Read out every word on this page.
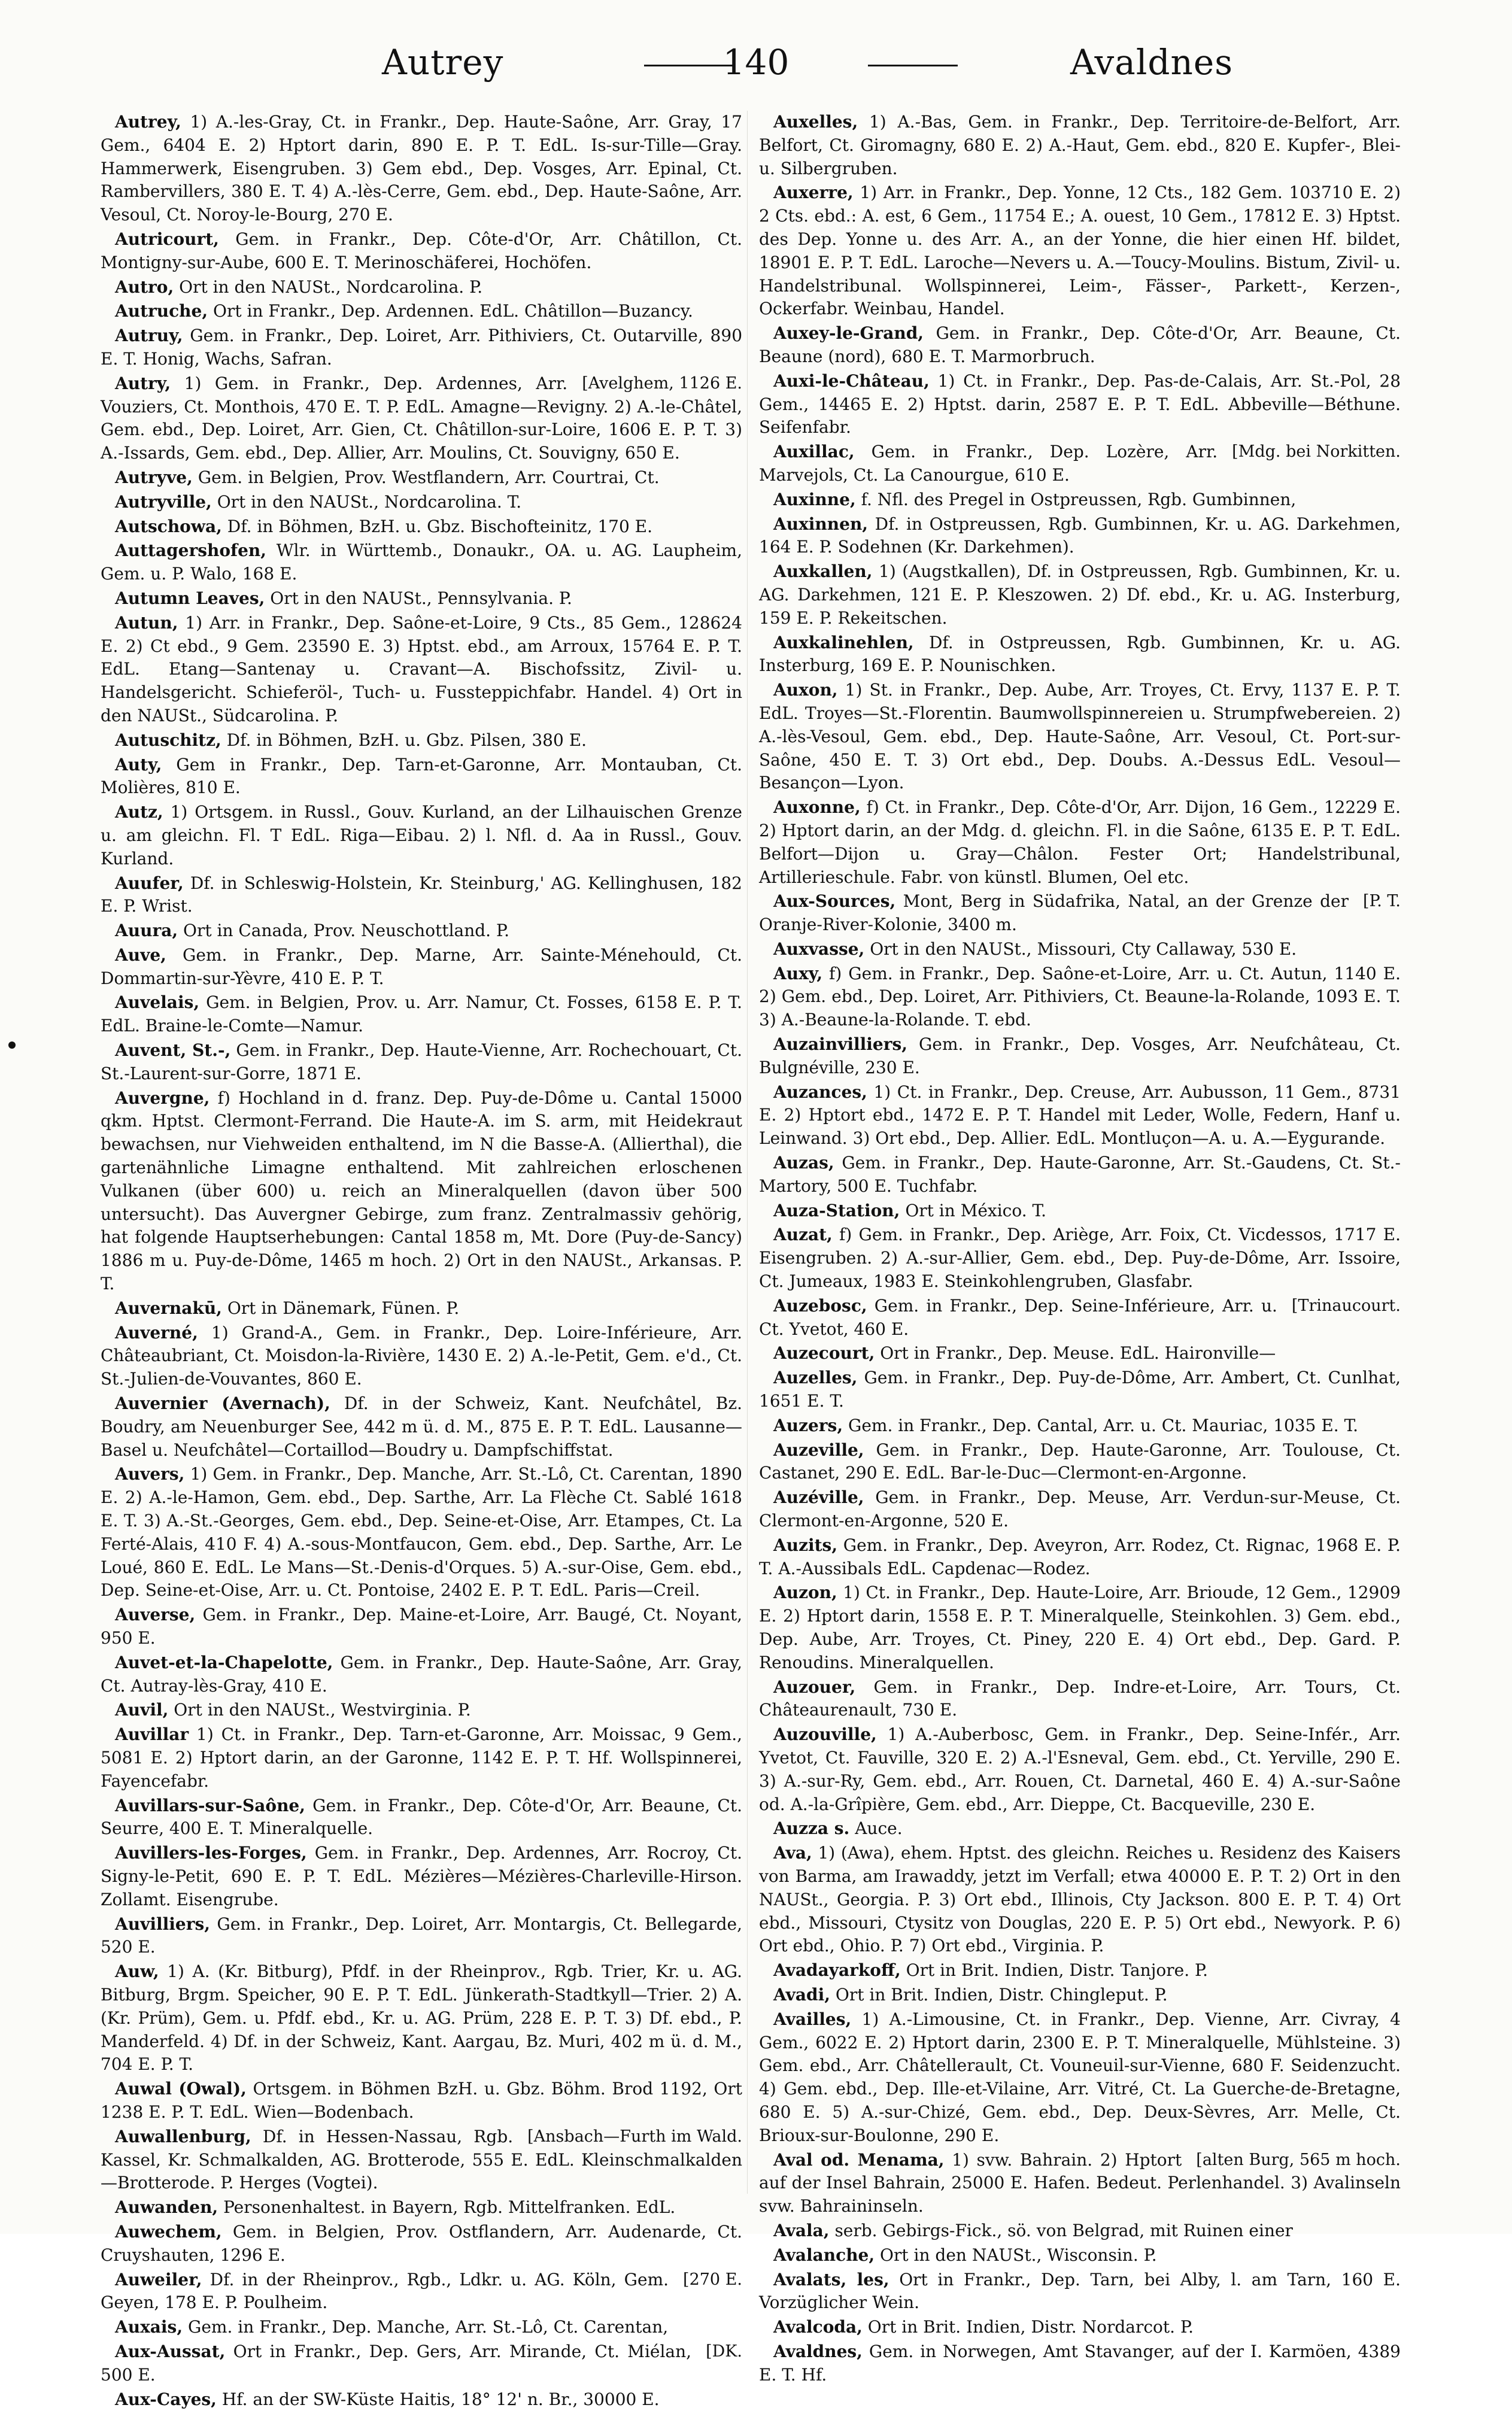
Autrey	140	Avaldnes

Autrey, 1) A.-les-Gray, Ct. in Frankr., Dep. Haute-Saône, Arr. Gray, 17 Gem., 6404 E. 2) Hptort darin, 890 E. P. T. EdL. Is-sur-Tille—Gray. Hammerwerk, Eisengruben. 3) Gem ebd., Dep. Vosges, Arr. Epinal, Ct. Rambervillers, 380 E. T. 4) A.-lès-Cerre, Gem. ebd., Dep. Haute-Saône, Arr. Vesoul, Ct. Noroy-le-Bourg, 270 E.

Autricourt, Gem. in Frankr., Dep. Côte-d'Or, Arr. Châtillon, Ct. Montigny-sur-Aube, 600 E. T. Merinoschäferei, Hochöfen.

Autro, Ort in den NAUSt., Nordcarolina. P.

Autruche, Ort in Frankr., Dep. Ardennen. EdL. Châtillon—Buzancy.

Autruy, Gem. in Frankr., Dep. Loiret, Arr. Pithiviers, Ct. Outarville, 890 E. T. Honig, Wachs, Safran.

[Avelghem, 1126 E.
Autry, 1) Gem. in Frankr., Dep. Ardennes, Arr. Vouziers, Ct. Monthois, 470 E. T. P. EdL. Amagne—Revigny. 2) A.-le-Châtel, Gem. ebd., Dep. Loiret, Arr. Gien, Ct. Châtillon-sur-Loire, 1606 E. P. T. 3) A.-Issards, Gem. ebd., Dep. Allier, Arr. Moulins, Ct. Souvigny, 650 E.

Autryve, Gem. in Belgien, Prov. Westflandern, Arr. Courtrai, Ct.

Autryville, Ort in den NAUSt., Nordcarolina. T.

Autschowa, Df. in Böhmen, BzH. u. Gbz. Bischofteinitz, 170 E.

Auttagershofen, Wlr. in Württemb., Donaukr., OA. u. AG. Laupheim, Gem. u. P. Walo, 168 E.

Autumn Leaves, Ort in den NAUSt., Pennsylvania. P.

Autun, 1) Arr. in Frankr., Dep. Saône-et-Loire, 9 Cts., 85 Gem., 128624 E. 2) Ct ebd., 9 Gem. 23590 E. 3) Hptst. ebd., am Arroux, 15764 E. P. T. EdL. Etang—Santenay u. Cravant—A. Bischofssitz, Zivil- u. Handelsgericht. Schieferöl-, Tuch- u. Fussteppichfabr. Handel. 4) Ort in den NAUSt., Südcarolina. P.

Autuschitz, Df. in Böhmen, BzH. u. Gbz. Pilsen, 380 E.

Auty, Gem in Frankr., Dep. Tarn-et-Garonne, Arr. Montauban, Ct. Molières, 810 E.

Autz, 1) Ortsgem. in Russl., Gouv. Kurland, an der Lilhauischen Grenze u. am gleichn. Fl. T EdL. Riga—Eibau. 2) l. Nfl. d. Aa in Russl., Gouv. Kurland.

Auufer, Df. in Schleswig-Holstein, Kr. Steinburg,' AG. Kellinghusen, 182 E. P. Wrist.

Auura, Ort in Canada, Prov. Neuschottland. P.

Auve, Gem. in Frankr., Dep. Marne, Arr. Sainte-Ménehould, Ct. Dommartin-sur-Yèvre, 410 E. P. T.

Auvelais, Gem. in Belgien, Prov. u. Arr. Namur, Ct. Fosses, 6158 E. P. T. EdL. Braine-le-Comte—Namur.

Auvent, St.-, Gem. in Frankr., Dep. Haute-Vienne, Arr. Rochechouart, Ct. St.-Laurent-sur-Gorre, 1871 E.

Auvergne, f) Hochland in d. franz. Dep. Puy-de-Dôme u. Cantal 15000 qkm. Hptst. Clermont-Ferrand. Die Haute-A. im S. arm, mit Heidekraut bewachsen, nur Viehweiden enthaltend, im N die Basse-A. (Allierthal), die gartenähnliche Limagne enthaltend. Mit zahlreichen erloschenen Vulkanen (über 600) u. reich an Mineralquellen (davon über 500 untersucht). Das Auvergner Gebirge, zum franz. Zentralmassiv gehörig, hat folgende Hauptserhebungen: Cantal 1858 m, Mt. Dore (Puy-de-Sancy) 1886 m u. Puy-de-Dôme, 1465 m hoch. 2) Ort in den NAUSt., Arkansas. P. T.

Auvernakū, Ort in Dänemark, Fünen. P.

Auverné, 1) Grand-A., Gem. in Frankr., Dep. Loire-Inférieure, Arr. Châteaubriant, Ct. Moisdon-la-Rivière, 1430 E. 2) A.-le-Petit, Gem. e'd., Ct. St.-Julien-de-Vouvantes, 860 E.

Auvernier (Avernach), Df. in der Schweiz, Kant. Neufchâtel, Bz. Boudry, am Neuenburger See, 442 m ü. d. M., 875 E. P. T. EdL. Lausanne—Basel u. Neufchâtel—Cortaillod—Boudry u. Dampfschiffstat.

Auvers, 1) Gem. in Frankr., Dep. Manche, Arr. St.-Lô, Ct. Carentan, 1890 E. 2) A.-le-Hamon, Gem. ebd., Dep. Sarthe, Arr. La Flèche Ct. Sablé 1618 E. T. 3) A.-St.-Georges, Gem. ebd., Dep. Seine-et-Oise, Arr. Etampes, Ct. La Ferté-Alais, 410 F. 4) A.-sous-Montfaucon, Gem. ebd., Dep. Sarthe, Arr. Le Loué, 860 E. EdL. Le Mans—St.-Denis-d'Orques. 5) A.-sur-Oise, Gem. ebd., Dep. Seine-et-Oise, Arr. u. Ct. Pontoise, 2402 E. P. T. EdL. Paris—Creil.

Auverse, Gem. in Frankr., Dep. Maine-et-Loire, Arr. Baugé, Ct. Noyant, 950 E.

Auvet-et-la-Chapelotte, Gem. in Frankr., Dep. Haute-Saône, Arr. Gray, Ct. Autray-lès-Gray, 410 E.

Auvil, Ort in den NAUSt., Westvirginia. P.

Auvillar 1) Ct. in Frankr., Dep. Tarn-et-Garonne, Arr. Moissac, 9 Gem., 5081 E. 2) Hptort darin, an der Garonne, 1142 E. P. T. Hf. Wollspinnerei, Fayencefabr.

Auvillars-sur-Saône, Gem. in Frankr., Dep. Côte-d'Or, Arr. Beaune, Ct. Seurre, 400 E. T. Mineralquelle.

Auvillers-les-Forges, Gem. in Frankr., Dep. Ardennes, Arr. Rocroy, Ct. Signy-le-Petit, 690 E. P. T. EdL. Mézières—Mézières-Charleville-Hirson. Zollamt. Eisengrube.

Auvilliers, Gem. in Frankr., Dep. Loiret, Arr. Montargis, Ct. Bellegarde, 520 E.

Auw, 1) A. (Kr. Bitburg), Pfdf. in der Rheinprov., Rgb. Trier, Kr. u. AG. Bitburg, Brgm. Speicher, 90 E. P. T. EdL. Jünkerath-Stadtkyll—Trier. 2) A. (Kr. Prüm), Gem. u. Pfdf. ebd., Kr. u. AG. Prüm, 228 E. P. T. 3) Df. ebd., P. Manderfeld. 4) Df. in der Schweiz, Kant. Aargau, Bz. Muri, 402 m ü. d. M., 704 E. P. T.

Auwal (Owal), Ortsgem. in Böhmen BzH. u. Gbz. Böhm. Brod 1192, Ort 1238 E. P. T. EdL. Wien—Bodenbach.

[Ansbach—Furth im Wald.
Auwallenburg, Df. in Hessen-Nassau, Rgb. Kassel, Kr. Schmalkalden, AG. Brotterode, 555 E. EdL. Kleinschmalkalden—Brotterode. P. Herges (Vogtei).

Auwanden, Personenhaltest. in Bayern, Rgb. Mittelfranken. EdL.

Auwechem, Gem. in Belgien, Prov. Ostflandern, Arr. Audenarde, Ct. Cruyshauten, 1296 E.

[270 E.
Auweiler, Df. in der Rheinprov., Rgb., Ldkr. u. AG. Köln, Gem. Geyen, 178 E. P. Poulheim.

Auxais, Gem. in Frankr., Dep. Manche, Arr. St.-Lô, Ct. Carentan,

[DK.
Aux-Aussat, Ort in Frankr., Dep. Gers, Arr. Mirande, Ct. Miélan, 500 E.

Aux-Cayes, Hf. an der SW-Küste Haitis, 18° 12' n. Br., 30000 E.

Auxelles, 1) A.-Bas, Gem. in Frankr., Dep. Territoire-de-Belfort, Arr. Belfort, Ct. Giromagny, 680 E. 2) A.-Haut, Gem. ebd., 820 E. Kupfer-, Blei- u. Silbergruben.

Auxerre, 1) Arr. in Frankr., Dep. Yonne, 12 Cts., 182 Gem. 103710 E. 2) 2 Cts. ebd.: A. est, 6 Gem., 11754 E.; A. ouest, 10 Gem., 17812 E. 3) Hptst. des Dep. Yonne u. des Arr. A., an der Yonne, die hier einen Hf. bildet, 18901 E. P. T. EdL. Laroche—Nevers u. A.—Toucy-Moulins. Bistum, Zivil- u. Handelstribunal. Wollspinnerei, Leim-, Fässer-, Parkett-, Kerzen-, Ockerfabr. Weinbau, Handel.

Auxey-le-Grand, Gem. in Frankr., Dep. Côte-d'Or, Arr. Beaune, Ct. Beaune (nord), 680 E. T. Marmorbruch.

Auxi-le-Château, 1) Ct. in Frankr., Dep. Pas-de-Calais, Arr. St.-Pol, 28 Gem., 14465 E. 2) Hptst. darin, 2587 E. P. T. EdL. Abbeville—Béthune. Seifenfabr.

[Mdg. bei Norkitten.
Auxillac, Gem. in Frankr., Dep. Lozère, Arr. Marvejols, Ct. La Canourgue, 610 E.

Auxinne, f. Nfl. des Pregel in Ostpreussen, Rgb. Gumbinnen,

Auxinnen, Df. in Ostpreussen, Rgb. Gumbinnen, Kr. u. AG. Darkehmen, 164 E. P. Sodehnen (Kr. Darkehmen).

Auxkallen, 1) (Augstkallen), Df. in Ostpreussen, Rgb. Gumbinnen, Kr. u. AG. Darkehmen, 121 E. P. Kleszowen. 2) Df. ebd., Kr. u. AG. Insterburg, 159 E. P. Rekeitschen.

Auxkalinehlen, Df. in Ostpreussen, Rgb. Gumbinnen, Kr. u. AG. Insterburg, 169 E. P. Nounischken.

Auxon, 1) St. in Frankr., Dep. Aube, Arr. Troyes, Ct. Ervy, 1137 E. P. T. EdL. Troyes—St.-Florentin. Baumwollspinnereien u. Strumpfwebereien. 2) A.-lès-Vesoul, Gem. ebd., Dep. Haute-Saône, Arr. Vesoul, Ct. Port-sur-Saône, 450 E. T. 3) Ort ebd., Dep. Doubs. A.-Dessus EdL. Vesoul—Besançon—Lyon.

Auxonne, f) Ct. in Frankr., Dep. Côte-d'Or, Arr. Dijon, 16 Gem., 12229 E. 2) Hptort darin, an der Mdg. d. gleichn. Fl. in die Saône, 6135 E. P. T. EdL. Belfort—Dijon u. Gray—Châlon. Fester Ort; Handelstribunal, Artillerieschule. Fabr. von künstl. Blumen, Oel etc.

[P. T.
Aux-Sources, Mont, Berg in Südafrika, Natal, an der Grenze der Oranje-River-Kolonie, 3400 m.

Auxvasse, Ort in den NAUSt., Missouri, Cty Callaway, 530 E.

Auxy, f) Gem. in Frankr., Dep. Saône-et-Loire, Arr. u. Ct. Autun, 1140 E. 2) Gem. ebd., Dep. Loiret, Arr. Pithiviers, Ct. Beaune-la-Rolande, 1093 E. T. 3) A.-Beaune-la-Rolande. T. ebd.

Auzainvilliers, Gem. in Frankr., Dep. Vosges, Arr. Neufchâteau, Ct. Bulgnéville, 230 E.

Auzances, 1) Ct. in Frankr., Dep. Creuse, Arr. Aubusson, 11 Gem., 8731 E. 2) Hptort ebd., 1472 E. P. T. Handel mit Leder, Wolle, Federn, Hanf u. Leinwand. 3) Ort ebd., Dep. Allier. EdL. Montluçon—A. u. A.—Eygurande.

Auzas, Gem. in Frankr., Dep. Haute-Garonne, Arr. St.-Gaudens, Ct. St.-Martory, 500 E. Tuchfabr.

Auza-Station, Ort in México. T.

Auzat, f) Gem. in Frankr., Dep. Ariège, Arr. Foix, Ct. Vicdessos, 1717 E. Eisengruben. 2) A.-sur-Allier, Gem. ebd., Dep. Puy-de-Dôme, Arr. Issoire, Ct. Jumeaux, 1983 E. Steinkohlengruben, Glasfabr.

[Trinaucourt.
Auzebosc, Gem. in Frankr., Dep. Seine-Inférieure, Arr. u. Ct. Yvetot, 460 E.

Auzecourt, Ort in Frankr., Dep. Meuse. EdL. Haironville—

Auzelles, Gem. in Frankr., Dep. Puy-de-Dôme, Arr. Ambert, Ct. Cunlhat, 1651 E. T.

Auzers, Gem. in Frankr., Dep. Cantal, Arr. u. Ct. Mauriac, 1035 E. T.

Auzeville, Gem. in Frankr., Dep. Haute-Garonne, Arr. Toulouse, Ct. Castanet, 290 E. EdL. Bar-le-Duc—Clermont-en-Argonne.

Auzéville, Gem. in Frankr., Dep. Meuse, Arr. Verdun-sur-Meuse, Ct. Clermont-en-Argonne, 520 E.

Auzits, Gem. in Frankr., Dep. Aveyron, Arr. Rodez, Ct. Rignac, 1968 E. P. T. A.-Aussibals EdL. Capdenac—Rodez.

Auzon, 1) Ct. in Frankr., Dep. Haute-Loire, Arr. Brioude, 12 Gem., 12909 E. 2) Hptort darin, 1558 E. P. T. Mineralquelle, Steinkohlen. 3) Gem. ebd., Dep. Aube, Arr. Troyes, Ct. Piney, 220 E. 4) Ort ebd., Dep. Gard. P. Renoudins. Mineralquellen.

Auzouer, Gem. in Frankr., Dep. Indre-et-Loire, Arr. Tours, Ct. Châteaurenault, 730 E.

Auzouville, 1) A.-Auberbosc, Gem. in Frankr., Dep. Seine-Infér., Arr. Yvetot, Ct. Fauville, 320 E. 2) A.-l'Esneval, Gem. ebd., Ct. Yerville, 290 E. 3) A.-sur-Ry, Gem. ebd., Arr. Rouen, Ct. Darnetal, 460 E. 4) A.-sur-Saône od. A.-la-Grîpière, Gem. ebd., Arr. Dieppe, Ct. Bacqueville, 230 E.

Auzza s. Auce.

Ava, 1) (Awa), ehem. Hptst. des gleichn. Reiches u. Residenz des Kaisers von Barma, am Irawaddy, jetzt im Verfall; etwa 40000 E. P. T. 2) Ort in den NAUSt., Georgia. P. 3) Ort ebd., Illinois, Cty Jackson. 800 E. P. T. 4) Ort ebd., Missouri, Ctysitz von Douglas, 220 E. P. 5) Ort ebd., Newyork. P. 6) Ort ebd., Ohio. P. 7) Ort ebd., Virginia. P.

Avadayarkoff, Ort in Brit. Indien, Distr. Tanjore. P.

Avadi, Ort in Brit. Indien, Distr. Chingleput. P.

Availles, 1) A.-Limousine, Ct. in Frankr., Dep. Vienne, Arr. Civray, 4 Gem., 6022 E. 2) Hptort darin, 2300 E. P. T. Mineralquelle, Mühlsteine. 3) Gem. ebd., Arr. Châtellerault, Ct. Vouneuil-sur-Vienne, 680 F. Seidenzucht. 4) Gem. ebd., Dep. Ille-et-Vilaine, Arr. Vitré, Ct. La Guerche-de-Bretagne, 680 E. 5) A.-sur-Chizé, Gem. ebd., Dep. Deux-Sèvres, Arr. Melle, Ct. Brioux-sur-Boulonne, 290 E.

[alten Burg, 565 m hoch.
Aval od. Menama, 1) svw. Bahrain. 2) Hptort auf der Insel Bahrain, 25000 E. Hafen. Bedeut. Perlenhandel. 3) Avalinseln svw. Bahraininseln.

Avala, serb. Gebirgs-Fick., sö. von Belgrad, mit Ruinen einer

Avalanche, Ort in den NAUSt., Wisconsin. P.

Avalats, les, Ort in Frankr., Dep. Tarn, bei Alby, l. am Tarn, 160 E. Vorzüglicher Wein.

Avalcoda, Ort in Brit. Indien, Distr. Nordarcot. P.

Avaldnes, Gem. in Norwegen, Amt Stavanger, auf der I. Karmöen, 4389 E. T. Hf.
